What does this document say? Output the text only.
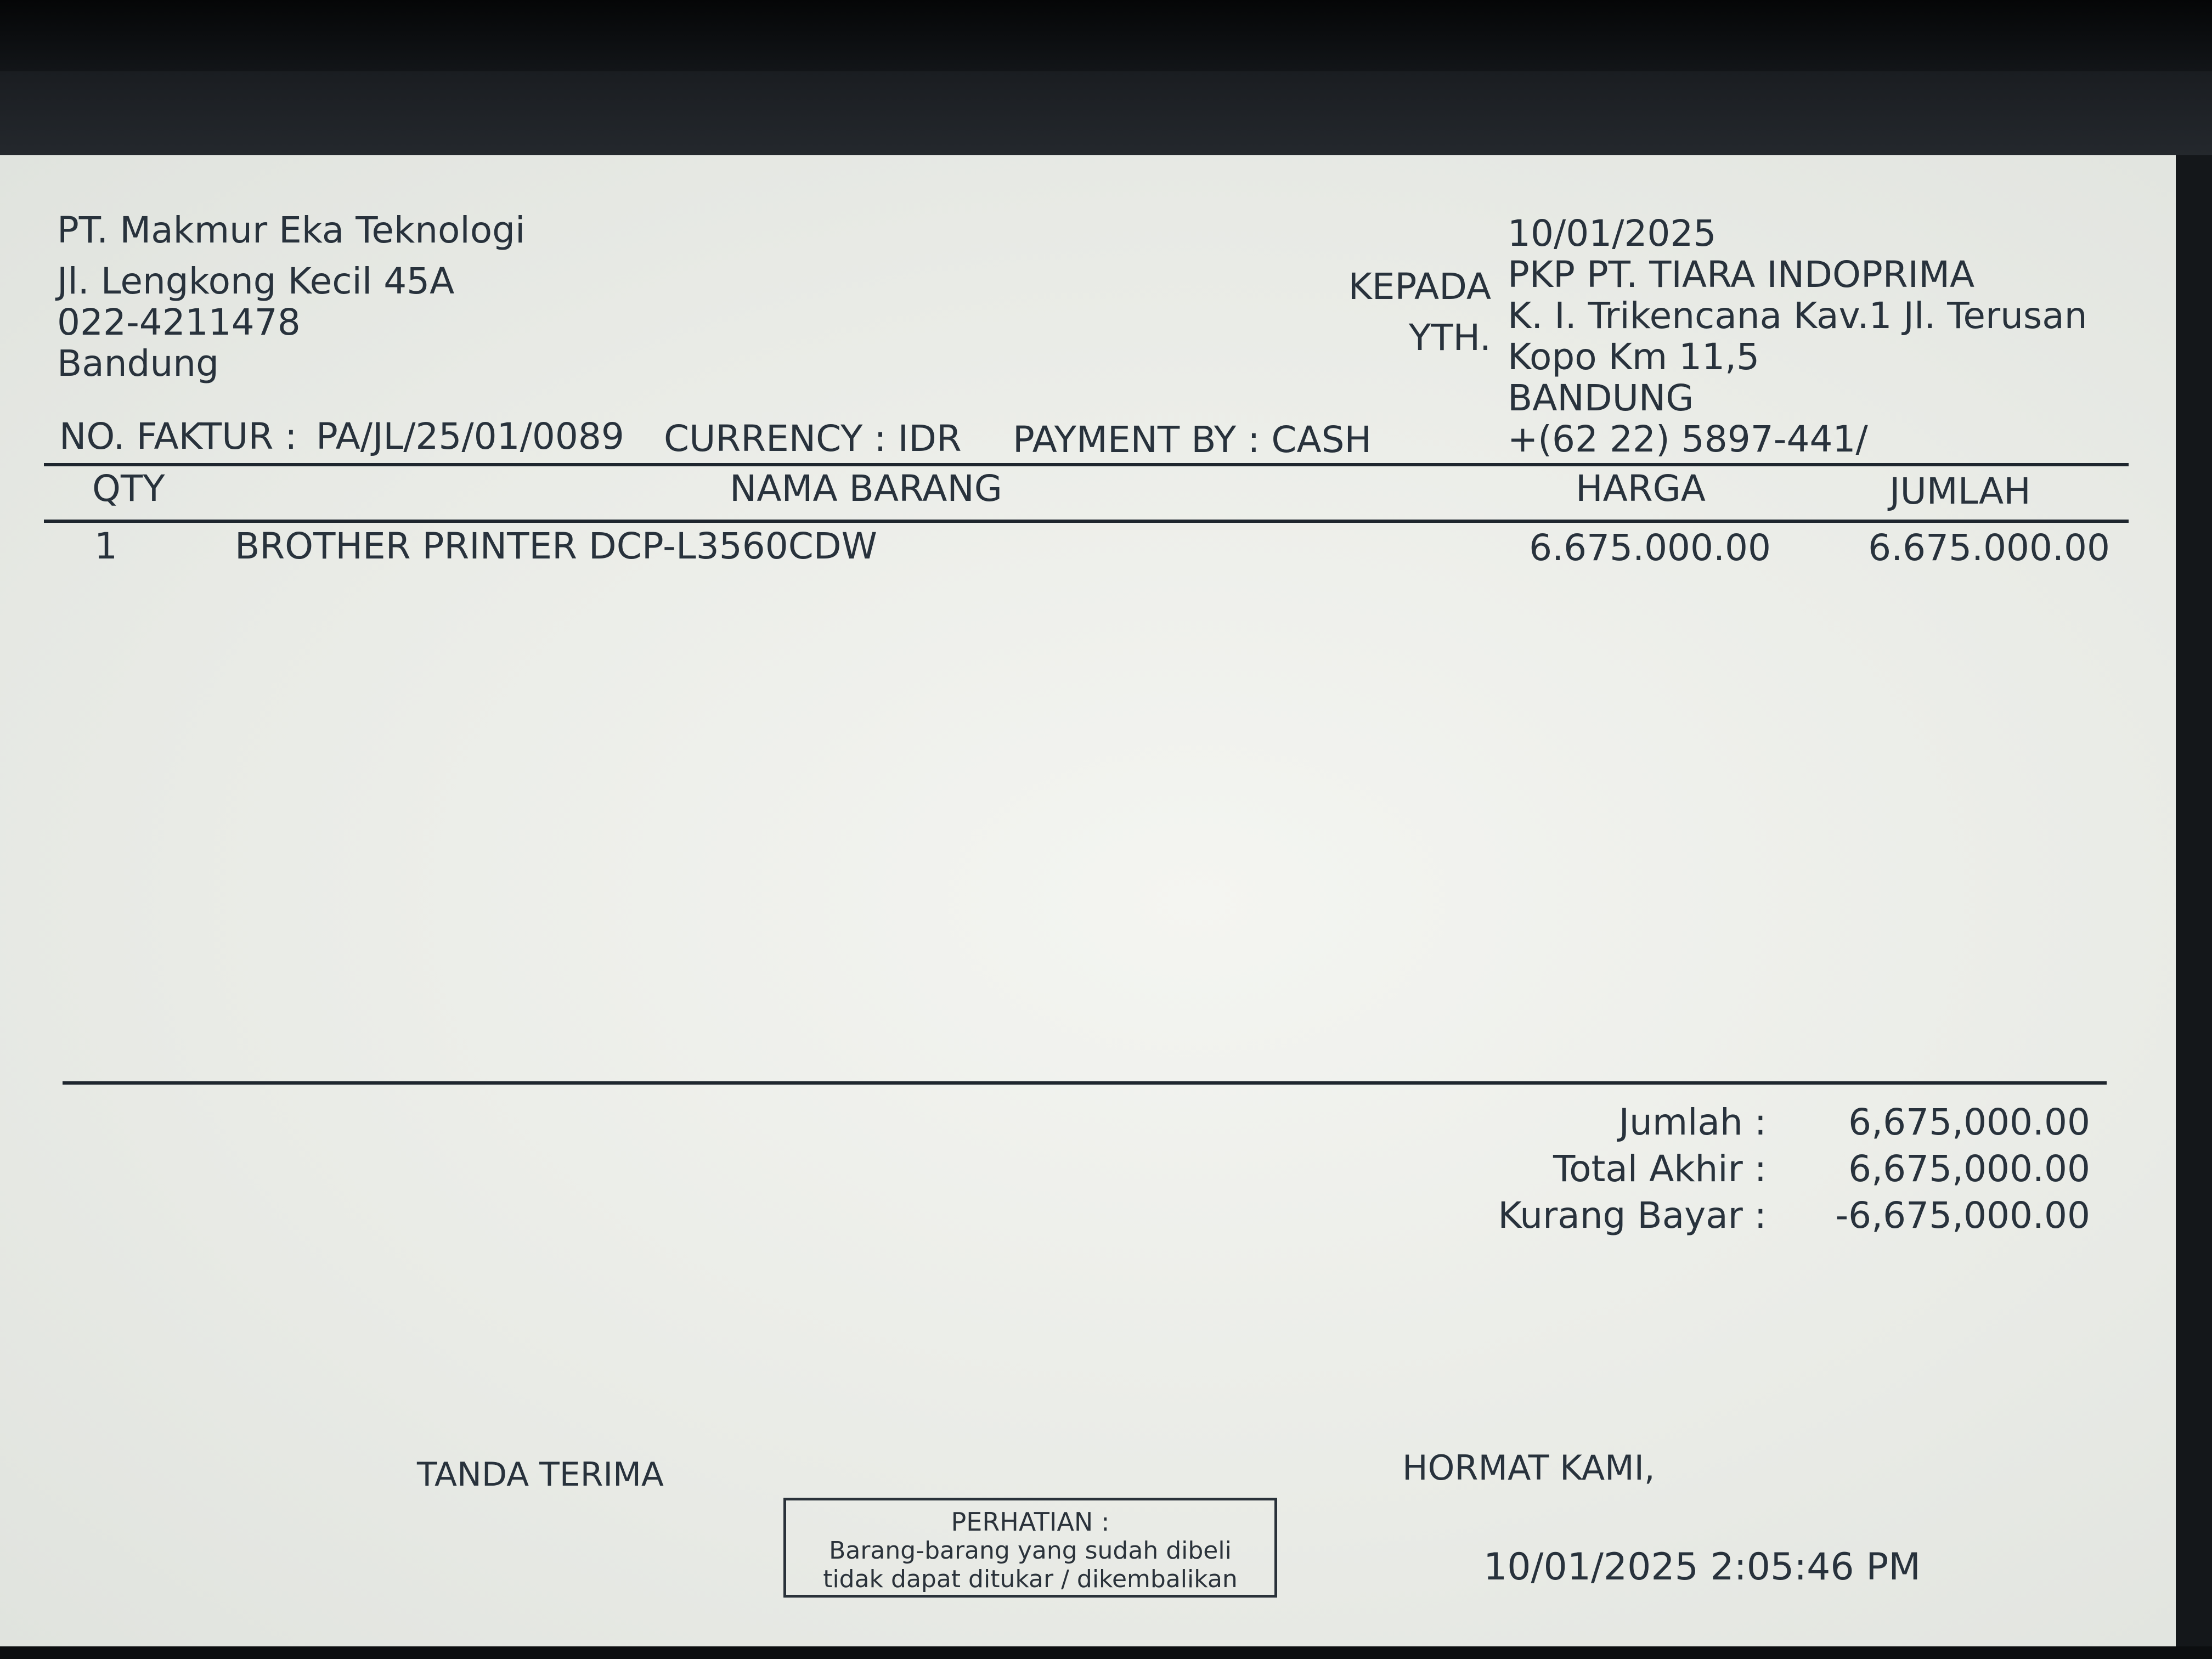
PT. Makmur Eka Teknologi
Jl. Lengkong Kecil 45A
022-4211478
Bandung
10/01/2025
KEPADA
YTH.
PKP PT. TIARA INDOPRIMA
K. I. Trikencana Kav.1 Jl. Terusan
Kopo Km 11,5
BANDUNG
+(62 22) 5897-441/
NO. FAKTUR : PA/JL/25/01/0089 CURRENCY : IDR PAYMENT BY : CASH
QTY	NAMA BARANG	HARGA	JUMLAH
1	BROTHER PRINTER DCP-L3560CDW	6.675.000.00	6.675.000.00
Jumlah : 6,675,000.00
Total Akhir : 6,675,000.00
Kurang Bayar : -6,675,000.00
TANDA TERIMA	HORMAT KAMI,
10/01/2025 2:05:46 PM
PERHATIAN :
Barang-barang yang sudah dibeli
tidak dapat ditukar / dikembalikan
